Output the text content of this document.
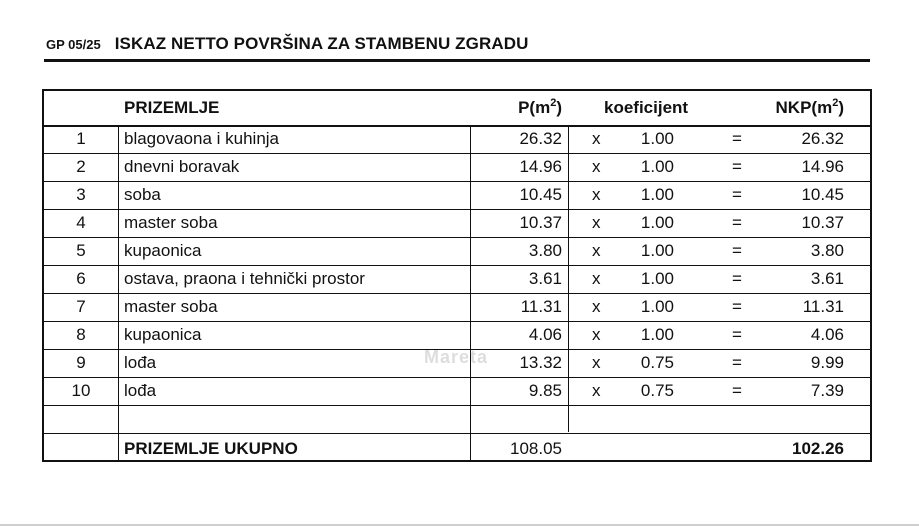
GP 05/25 ISKAZ NETTO POVRŠINA ZA STAMBENU ZGRADU
PRIZEMLJE	$P(m^2)$ koeficijent	$NKP(m^2)$
1	blagovaona i kuhinja	26.32 x	1.00	=	26.32
2	dnevni boravak	14.96 x	1.00	=	14.96
3	soba	10.45 x	1.00	=	10.45
4	master soba	10.37 x	1.00	=	10.37
5	kupaonica	3.80 x	1.00	=	3.80
6	ostava, praona i tehnički prostor	3.61 x	1.00	=	3.61
7	master soba	11.31 x	1.00	=	11.31
8	kupaonica	4.06 x	1.00	=	4.06
9	lođa	13.32 x	0.75	=	9.99
10	lođa	9.85 x	0.75	=	7.39
PRIZEMLJE UKUPNO	108.05	102.26
Mareta
